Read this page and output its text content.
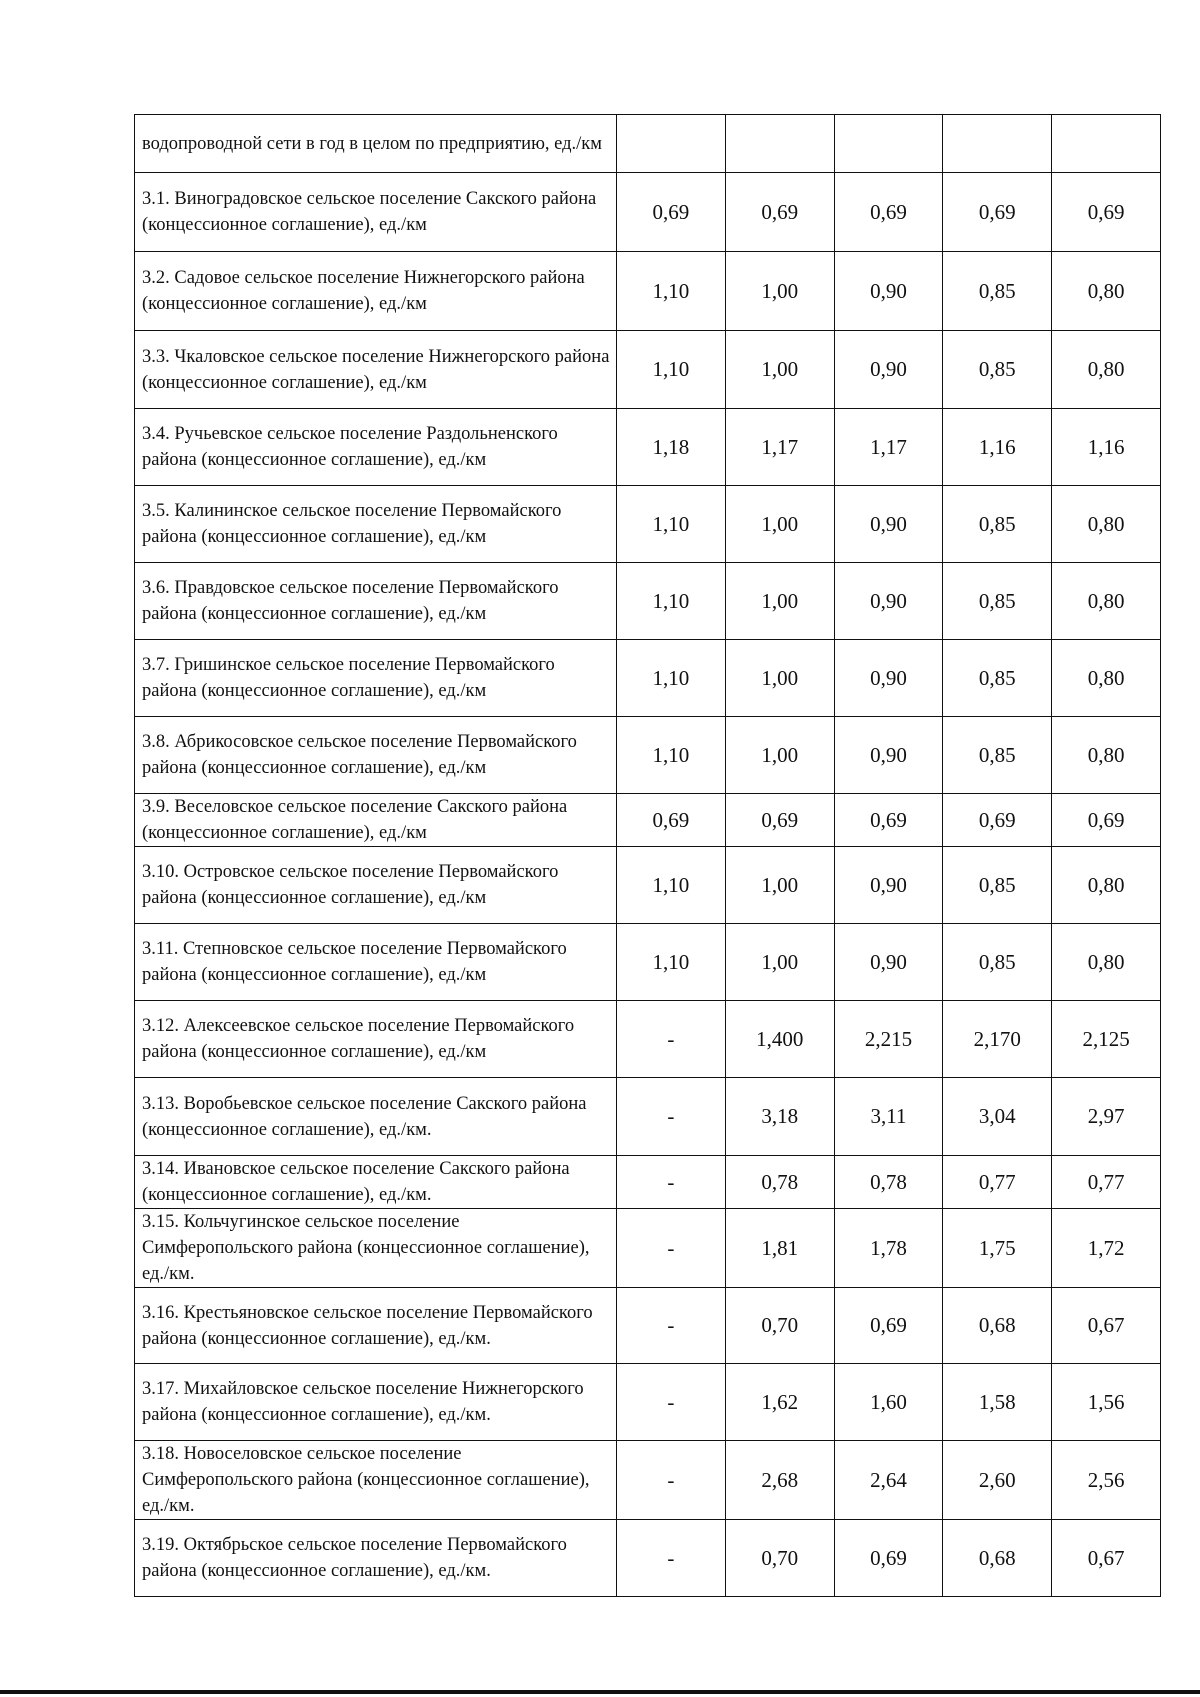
водопроводной сети в год в целом по предприятию, ед./км					
3.1. Виноградовское сельское поселение Сакского района (концессионное соглашение), ед./км	0,69	0,69	0,69	0,69	0,69
3.2. Садовое сельское поселение Нижнегорского района (концессионное соглашение), ед./км	1,10	1,00	0,90	0,85	0,80
3.3. Чкаловское сельское поселение Нижнегорского района (концессионное соглашение), ед./км	1,10	1,00	0,90	0,85	0,80
3.4. Ручьевское сельское поселение Раздольненского района (концессионное соглашение), ед./км	1,18	1,17	1,17	1,16	1,16
3.5. Калининское сельское поселение Первомайского района (концессионное соглашение), ед./км	1,10	1,00	0,90	0,85	0,80
3.6. Правдовское сельское поселение Первомайского района (концессионное соглашение), ед./км	1,10	1,00	0,90	0,85	0,80
3.7. Гришинское сельское поселение Первомайского района (концессионное соглашение), ед./км	1,10	1,00	0,90	0,85	0,80
3.8. Абрикосовское сельское поселение Первомайского района (концессионное соглашение), ед./км	1,10	1,00	0,90	0,85	0,80
3.9. Веселовское сельское поселение Сакского района (концессионное соглашение), ед./км	0,69	0,69	0,69	0,69	0,69
3.10. Островское сельское поселение Первомайского района (концессионное соглашение), ед./км	1,10	1,00	0,90	0,85	0,80
3.11. Степновское сельское поселение Первомайского района (концессионное соглашение), ед./км	1,10	1,00	0,90	0,85	0,80
3.12. Алексеевское сельское поселение Первомайского района (концессионное соглашение), ед./км	-	1,400	2,215	2,170	2,125
3.13. Воробьевское сельское поселение Сакского района (концессионное соглашение), ед./км.	-	3,18	3,11	3,04	2,97
3.14. Ивановское сельское поселение Сакского района (концессионное соглашение), ед./км.	-	0,78	0,78	0,77	0,77
3.15. Кольчугинское сельское поселение Симферопольского района (концессионное соглашение), ед./км.	-	1,81	1,78	1,75	1,72
3.16. Крестьяновское сельское поселение Первомайского района (концессионное соглашение), ед./км.	-	0,70	0,69	0,68	0,67
3.17. Михайловское сельское поселение Нижнегорского района (концессионное соглашение), ед./км.	-	1,62	1,60	1,58	1,56
3.18. Новоселовское сельское поселение Симферопольского района (концессионное соглашение), ед./км.	-	2,68	2,64	2,60	2,56
3.19. Октябрьское сельское поселение Первомайского района (концессионное соглашение), ед./км.	-	0,70	0,69	0,68	0,67
